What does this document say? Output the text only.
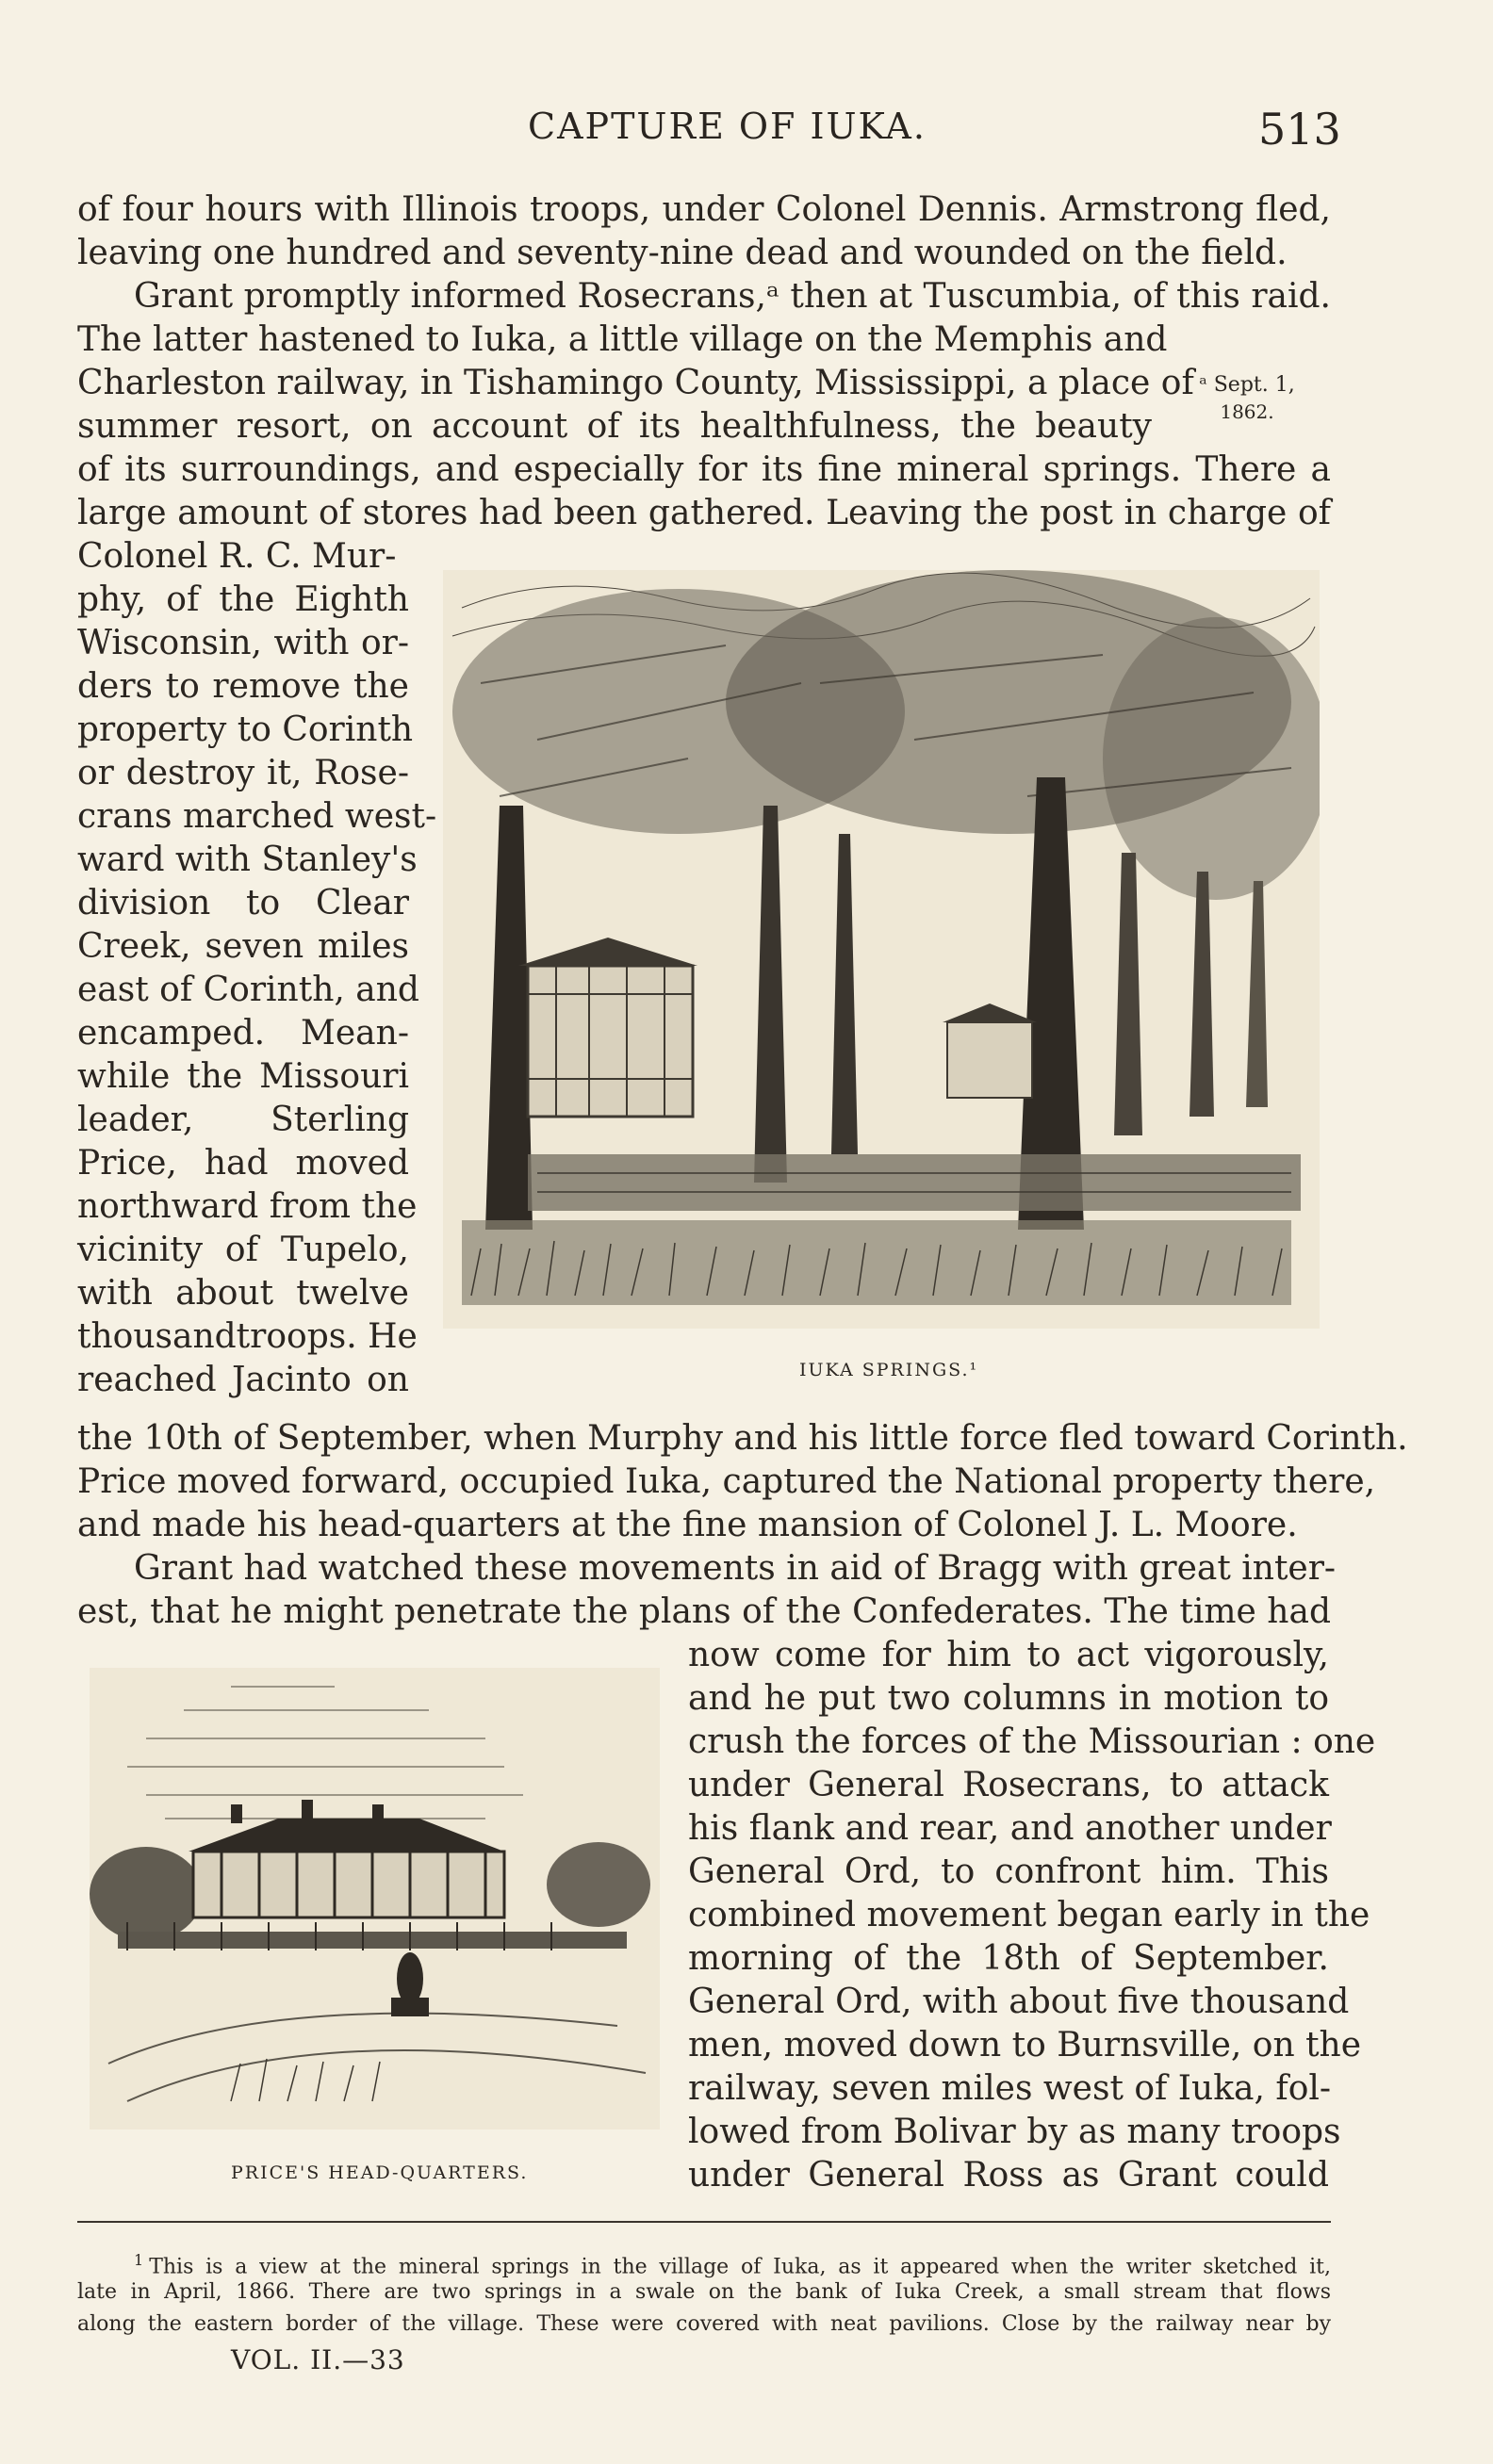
CAPTURE OF IUKA.	513
of four hours with Illinois troops, under Colonel Dennis. Armstrong fled,
leaving one hundred and seventy-nine dead and wounded on the field.
Grant promptly informed Rosecrans,ᵃ then at Tuscumbia, of this raid.
The latter hastened to Iuka, a little village on the Memphis and
Charleston railway, in Tishamingo County, Mississippi, a place of
summer resort, on account of its healthfulness, the beauty
of its surroundings, and especially for its fine mineral springs. There a
large amount of stores had been gathered. Leaving the post in charge of
ᵃ Sept. 1,
1862.
Colonel R. C. Mur-
phy, of the Eighth
Wisconsin, with or-
ders to remove the
property to Corinth
or destroy it, Rose-
crans marched west-
ward with Stanley's
division to Clear
Creek, seven miles
east of Corinth, and
encamped. Mean-
while the Missouri
leader, Sterling
Price, had moved
northward from the
vicinity of Tupelo,
with about twelve
thousandtroops. He
reached Jacinto on	IUKA SPRINGS.¹
the 10th of September, when Murphy and his little force fled toward Corinth.
Price moved forward, occupied Iuka, captured the National property there,
and made his head-quarters at the fine mansion of Colonel J. L. Moore.
Grant had watched these movements in aid of Bragg with great inter-
est, that he might penetrate the plans of the Confederates. The time had
now come for him to act vigorously,
and he put two columns in motion to
crush the forces of the Missourian : one
under General Rosecrans, to attack
his flank and rear, and another under
General Ord, to confront him. This
combined movement began early in the
morning of the 18th of September.
General Ord, with about five thousand
men, moved down to Burnsville, on the
railway, seven miles west of Iuka, fol-
lowed from Bolivar by as many troops
under General Ross as Grant could
PRICE'S HEAD-QUARTERS.
$^1$ This is a view at the mineral springs in the village of Iuka, as it appeared when the writer sketched it,
late in April, 1866. There are two springs in a swale on the bank of Iuka Creek, a small stream that flows
along the eastern border of the village. These were covered with neat pavilions. Close by the railway near by
VOL. II.—33
